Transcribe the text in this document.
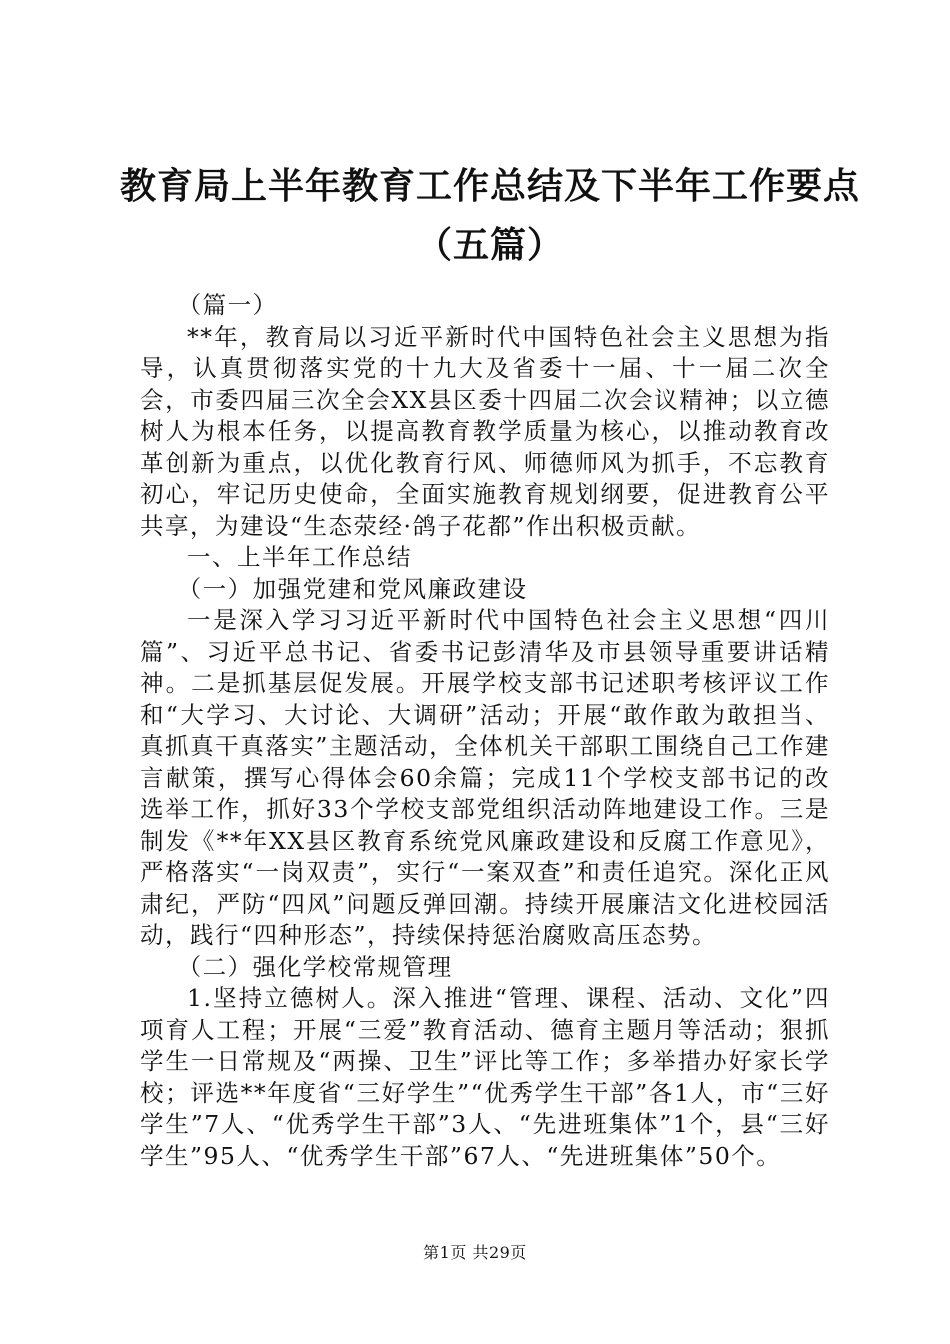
教育局上半年教育工作总结及下半年工作要点
（五篇）

（篇一）

**年，教育局以习近平新时代中国特色社会主义思想为指导，认真贯彻落实党的十九大及省委十一届、十一届二次全会，市委四届三次全会XX县区委十四届二次会议精神；以立德树人为根本任务，以提高教育教学质量为核心，以推动教育改革创新为重点，以优化教育行风、师德师风为抓手，不忘教育初心，牢记历史使命，全面实施教育规划纲要，促进教育公平共享，为建设“生态荥经·鸽子花都”作出积极贡献。

一、上半年工作总结

（一）加强党建和党风廉政建设

一是深入学习习近平新时代中国特色社会主义思想“四川篇”、习近平总书记、省委书记彭清华及市县领导重要讲话精神。二是抓基层促发展。开展学校支部书记述职考核评议工作和“大学习、大讨论、大调研”活动；开展“敢作敢为敢担当、真抓真干真落实”主题活动，全体机关干部职工围绕自己工作建言献策，撰写心得体会60余篇；完成11个学校支部书记的改选举工作，抓好33个学校支部党组织活动阵地建设工作。三是制发《**年XX县区教育系统党风廉政建设和反腐工作意见》，严格落实“一岗双责”，实行“一案双查”和责任追究。深化正风肃纪，严防“四风”问题反弹回潮。持续开展廉洁文化进校园活动，践行“四种形态”，持续保持惩治腐败高压态势。

（二）强化学校常规管理

1.坚持立德树人。深入推进“管理、课程、活动、文化”四项育人工程；开展“三爱”教育活动、德育主题月等活动；狠抓学生一日常规及“两操、卫生”评比等工作；多举措办好家长学校；评选**年度省“三好学生”“优秀学生干部”各1人，市“三好学生”7人、“优秀学生干部”3人、“先进班集体”1个，县“三好学生”95人、“优秀学生干部”67人、“先进班集体”50个。

第1页 共29页
